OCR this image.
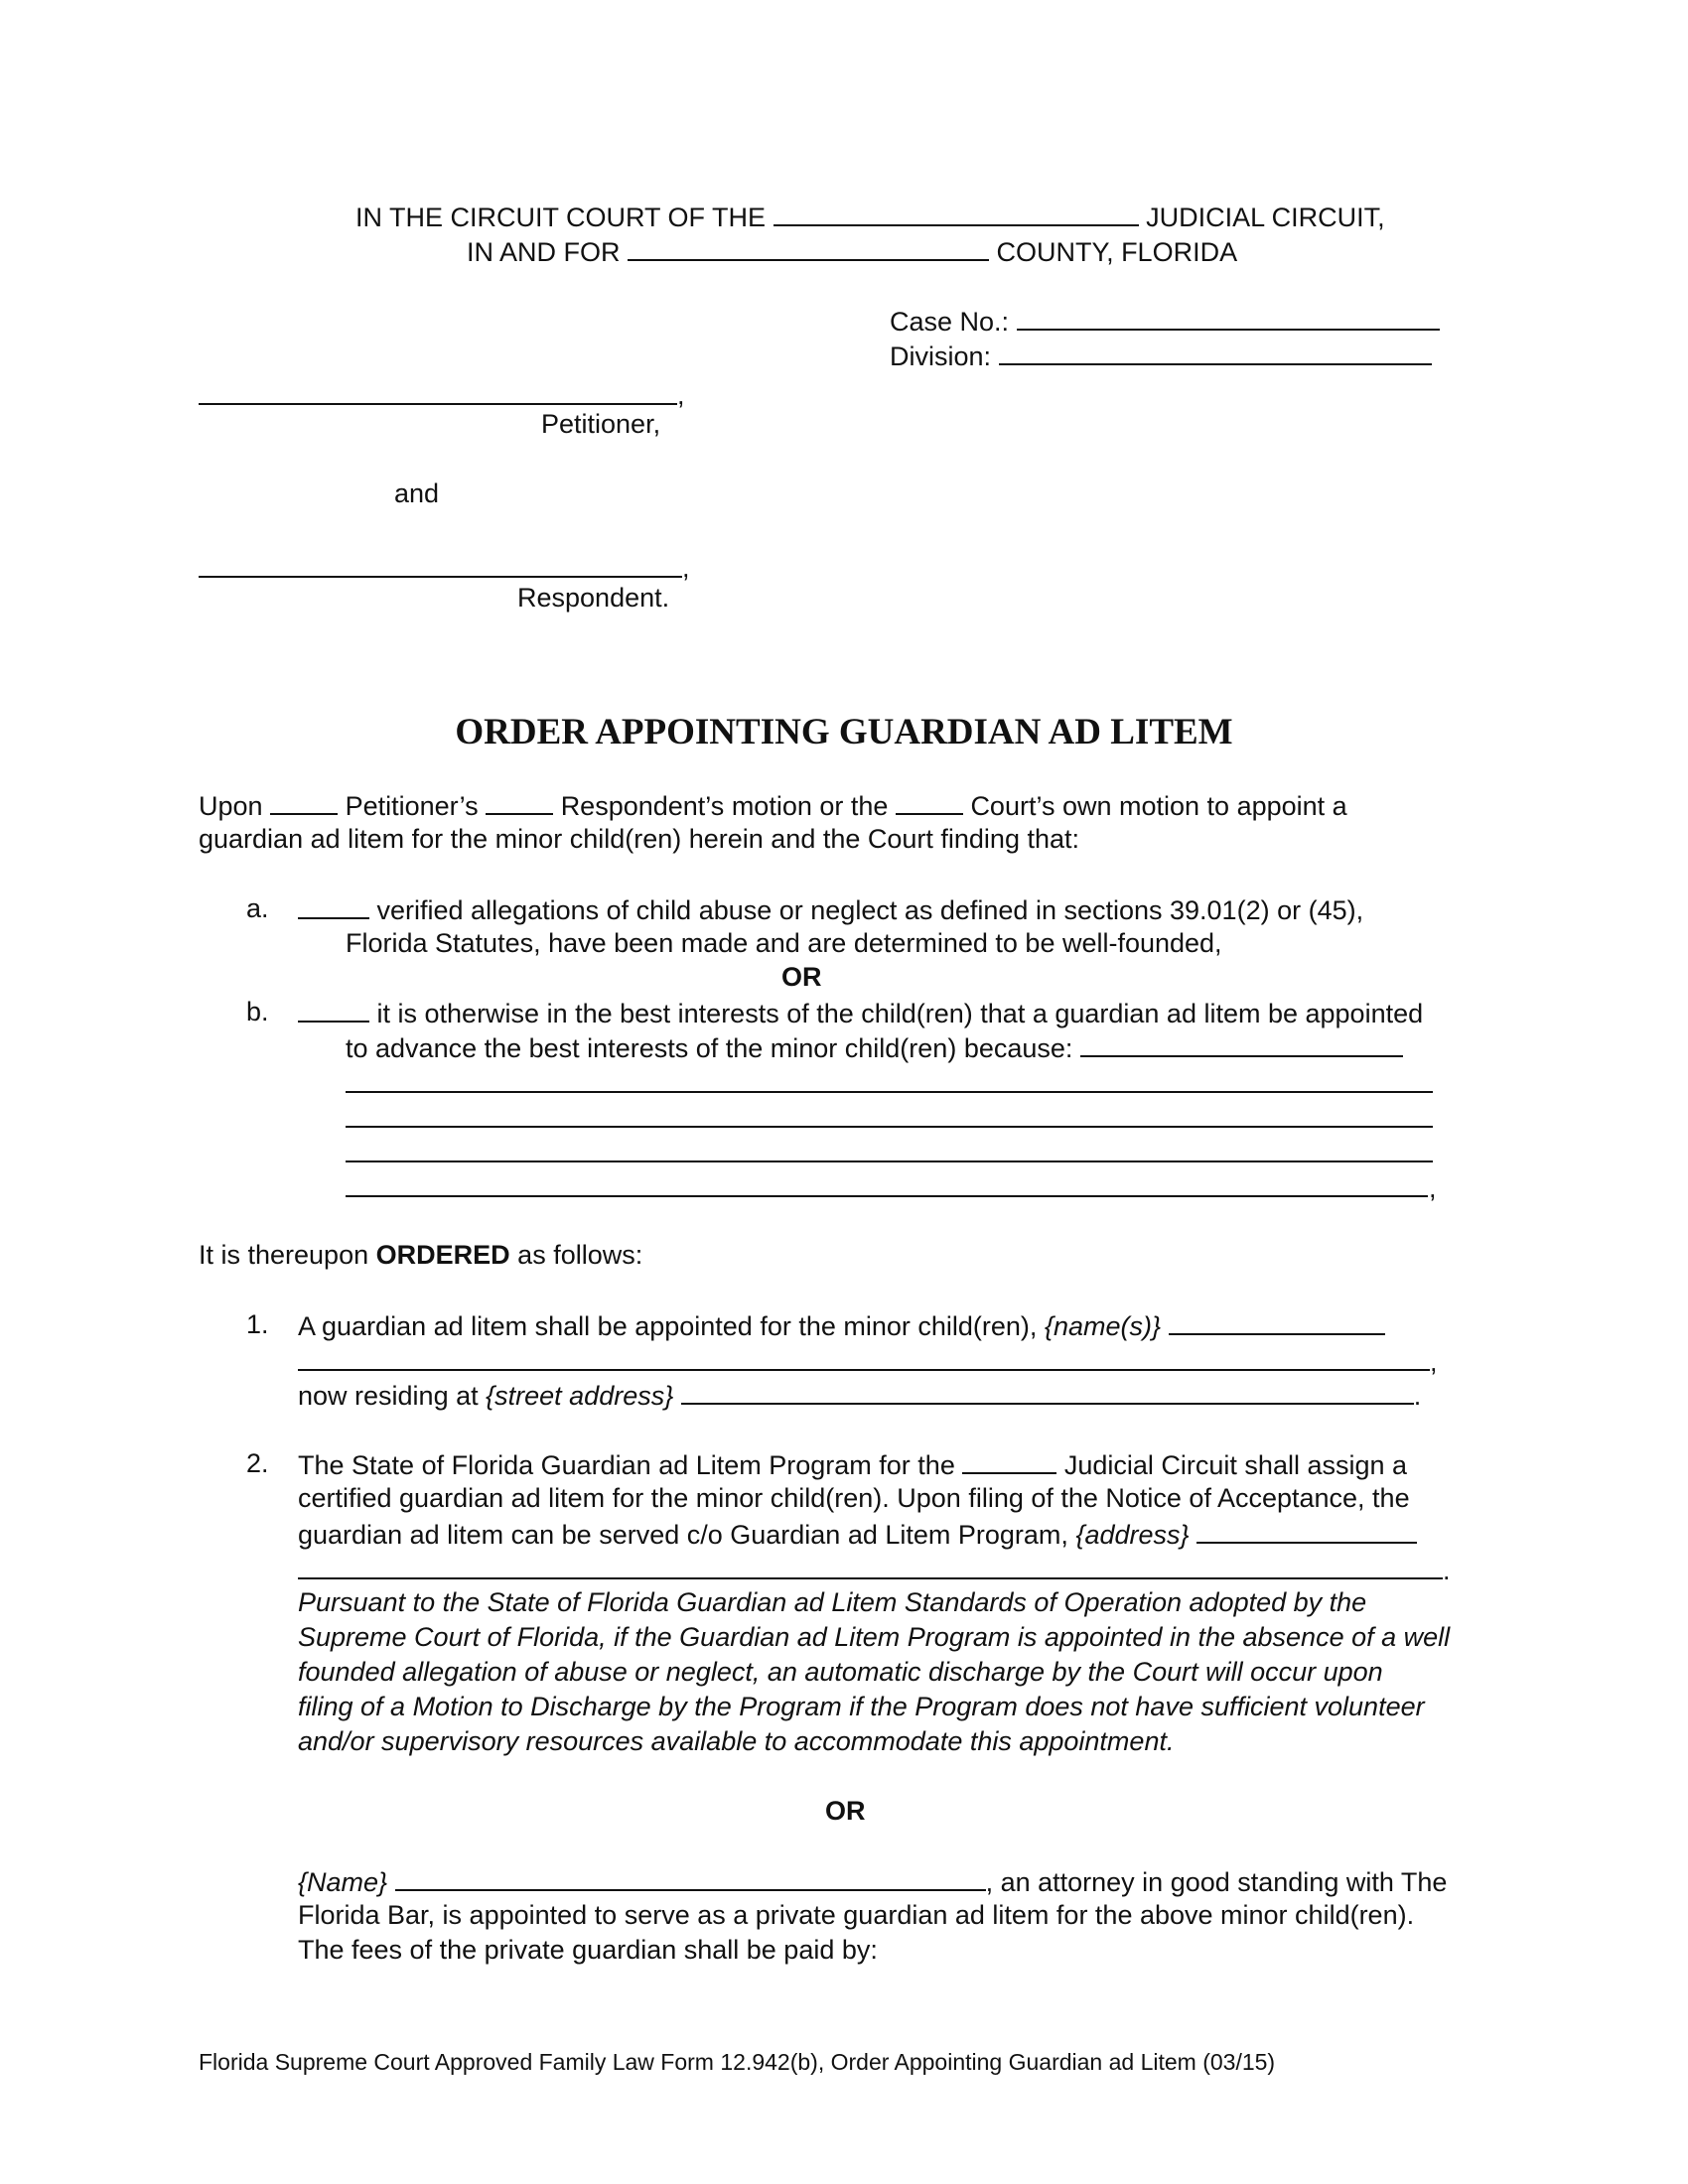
IN THE CIRCUIT COURT OF THE	JUDICIAL CIRCUIT,
IN AND FOR	COUNTY, FLORIDA
Case No.:
Division:
,
Petitioner,
and
,
Respondent.
ORDER APPOINTING GUARDIAN AD LITEM
Upon	Petitioner’s	Respondent’s motion or the	Court’s own motion to appoint a
guardian ad litem for the minor child(ren) herein and the Court finding that:
a.	verified allegations of child abuse or neglect as defined in sections 39.01(2) or (45),
Florida Statutes, have been made and are determined to be well-founded,
OR
b.	it is otherwise in the best interests of the child(ren) that a guardian ad litem be appointed
to advance the best interests of the minor child(ren) because:
,
It is thereupon ORDERED as follows:
1. A guardian ad litem shall be appointed for the minor child(ren), {name(s)}
,
now residing at {street address}	.
2. The State of Florida Guardian ad Litem Program for the	Judicial Circuit shall assign a
certified guardian ad litem for the minor child(ren). Upon filing of the Notice of Acceptance, the
guardian ad litem can be served c/o Guardian ad Litem Program, {address}
.
Pursuant to the State of Florida Guardian ad Litem Standards of Operation adopted by the
Supreme Court of Florida, if the Guardian ad Litem Program is appointed in the absence of a well
founded allegation of abuse or neglect, an automatic discharge by the Court will occur upon
filing of a Motion to Discharge by the Program if the Program does not have sufficient volunteer
and/or supervisory resources available to accommodate this appointment.
OR
{Name}	, an attorney in good standing with The
Florida Bar, is appointed to serve as a private guardian ad litem for the above minor child(ren).
The fees of the private guardian shall be paid by:
Florida Supreme Court Approved Family Law Form 12.942(b), Order Appointing Guardian ad Litem (03/15)
